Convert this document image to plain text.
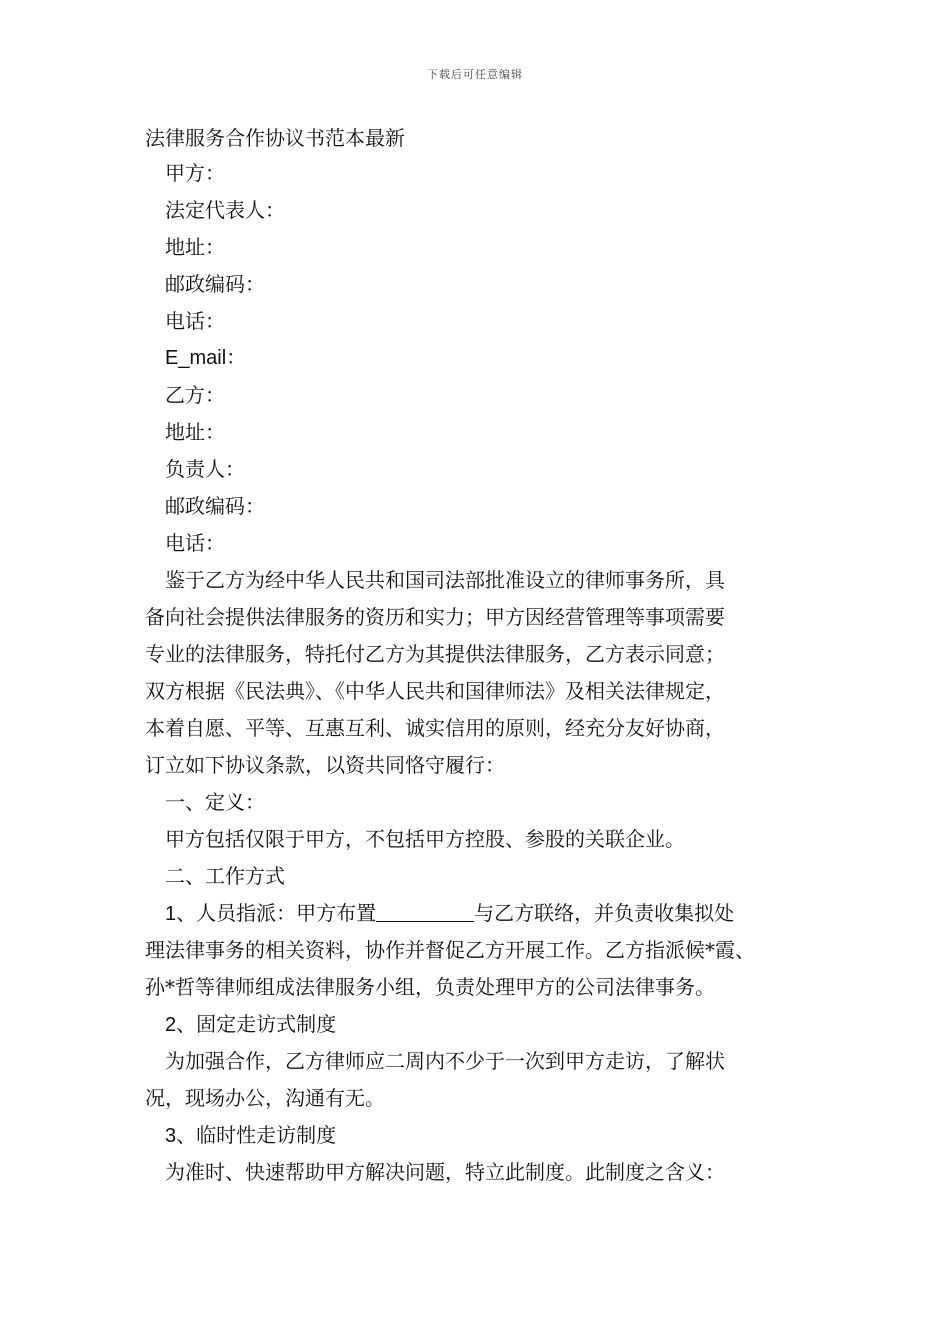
下载后可任意编辑
法律服务合作协议书范本最新
甲方：
法定代表人：
地址：
邮政编码：
电话：
E_mail：
乙方：
地址：
负责人：
邮政编码：
电话：
鉴于乙方为经中华人民共和国司法部批准设立的律师事务所，具
备向社会提供法律服务的资历和实力；甲方因经营管理等事项需要
专业的法律服务，特托付乙方为其提供法律服务，乙方表示同意；
双方根据《民法典》、《中华人民共和国律师法》及相关法律规定，
本着自愿、平等、互惠互利、诚实信用的原则，经充分友好协商，
订立如下协议条款，以资共同恪守履行：
一、定义：
甲方包括仅限于甲方，不包括甲方控股、参股的关联企业。
二、工作方式
1、人员指派：甲方布置	与乙方联络，并负责收集拟处
理法律事务的相关资料，协作并督促乙方开展工作。乙方指派候*霞、
孙*哲等律师组成法律服务小组，负责处理甲方的公司法律事务。
2、固定走访式制度
为加强合作，乙方律师应二周内不少于一次到甲方走访，了解状
况，现场办公，沟通有无。
3、临时性走访制度
为准时、快速帮助甲方解决问题，特立此制度。此制度之含义：
